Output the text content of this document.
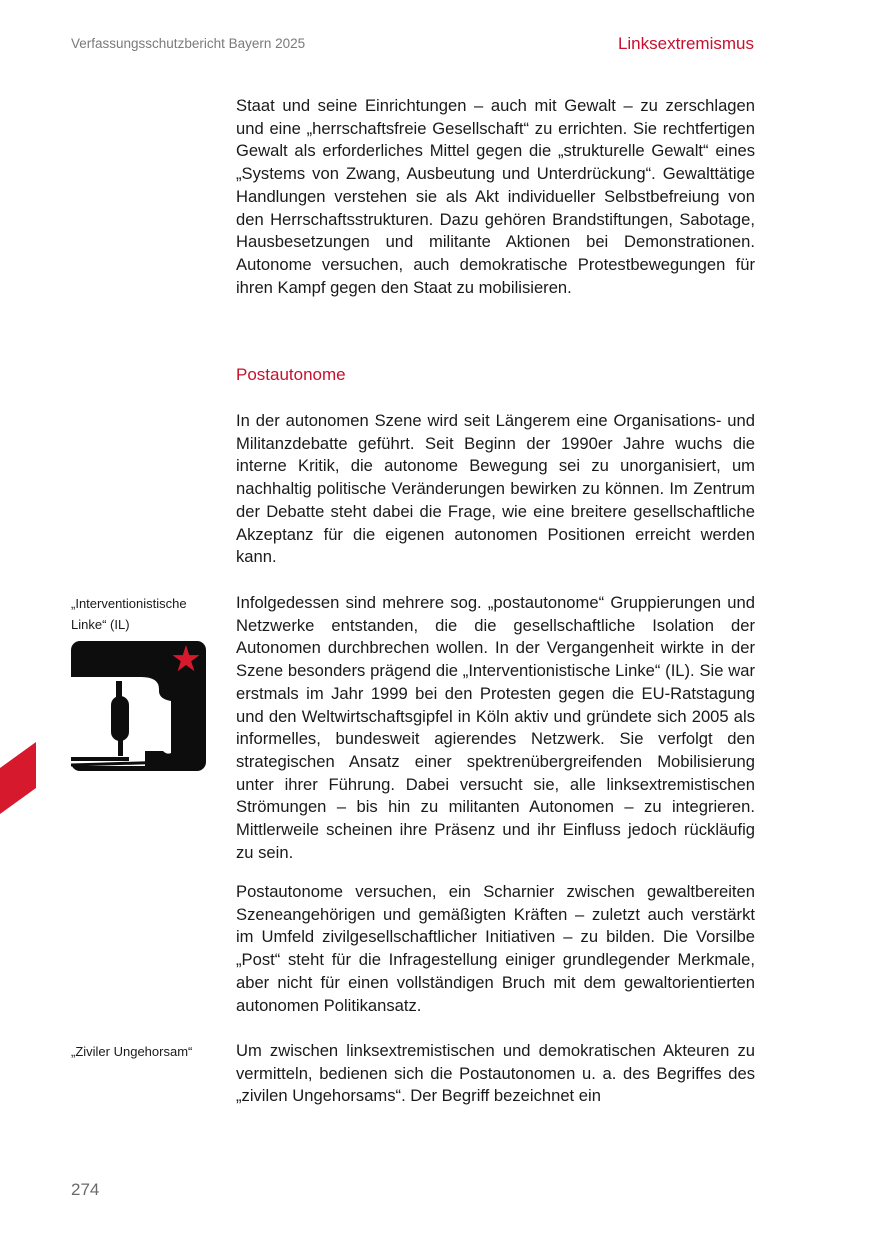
Verfassungsschutzbericht Bayern 2025	Linksextremismus

Staat und seine Einrichtungen – auch mit Gewalt – zu zerschlagen und eine „herrschaftsfreie Gesellschaft“ zu errichten. Sie rechtfertigen Gewalt als erforderliches Mittel gegen die „strukturelle Gewalt“ eines „Systems von Zwang, Ausbeutung und Unterdrückung“. Gewalttätige Handlungen verstehen sie als Akt individueller Selbstbefreiung von den Herrschaftsstrukturen. Dazu gehören Brandstiftungen, Sabotage, Hausbesetzungen und militante Aktionen bei Demonstrationen. Autonome versuchen, auch demokratische Protestbewegungen für ihren Kampf gegen den Staat zu mobilisieren.

Postautonome

In der autonomen Szene wird seit Längerem eine Organisations- und Militanzdebatte geführt. Seit Beginn der 1990er Jahre wuchs die interne Kritik, die autonome Bewegung sei zu unorganisiert, um nachhaltig politische Veränderungen bewirken zu können. Im Zentrum der Debatte steht dabei die Frage, wie eine breitere gesellschaftliche Akzeptanz für die eigenen autonomen Positionen erreicht werden kann.

„Interventionistische Linke“ (IL)

Infolgedessen sind mehrere sog. „postautonome“ Gruppierungen und Netzwerke entstanden, die die gesellschaftliche Isolation der Autonomen durchbrechen wollen. In der Vergangenheit wirkte in der Szene besonders prägend die „Interventionistische Linke“ (IL). Sie war erstmals im Jahr 1999 bei den Protesten gegen die EU-Ratstagung und den Weltwirtschaftsgipfel in Köln aktiv und gründete sich 2005 als informelles, bundesweit agierendes Netzwerk. Sie verfolgt den strategischen Ansatz einer spektrenübergreifenden Mobilisierung unter ihrer Führung. Dabei versucht sie, alle linksextremistischen Strömungen – bis hin zu militanten Autonomen – zu integrieren. Mittlerweile scheinen ihre Präsenz und ihr Einfluss jedoch rückläufig zu sein.

Postautonome versuchen, ein Scharnier zwischen gewaltbereiten Szeneangehörigen und gemäßigten Kräften – zuletzt auch verstärkt im Umfeld zivilgesellschaftlicher Initiativen – zu bilden. Die Vorsilbe „Post“ steht für die Infragestellung einiger grundlegender Merkmale, aber nicht für einen vollständigen Bruch mit dem gewaltorientierten autonomen Politikansatz.

„Ziviler Ungehorsam“	Um zwischen linksextremistischen und demokratischen Akteuren zu vermitteln, bedienen sich die Postautonomen u. a. des Begriffes des „zivilen Ungehorsams“. Der Begriff bezeichnet ein

274
